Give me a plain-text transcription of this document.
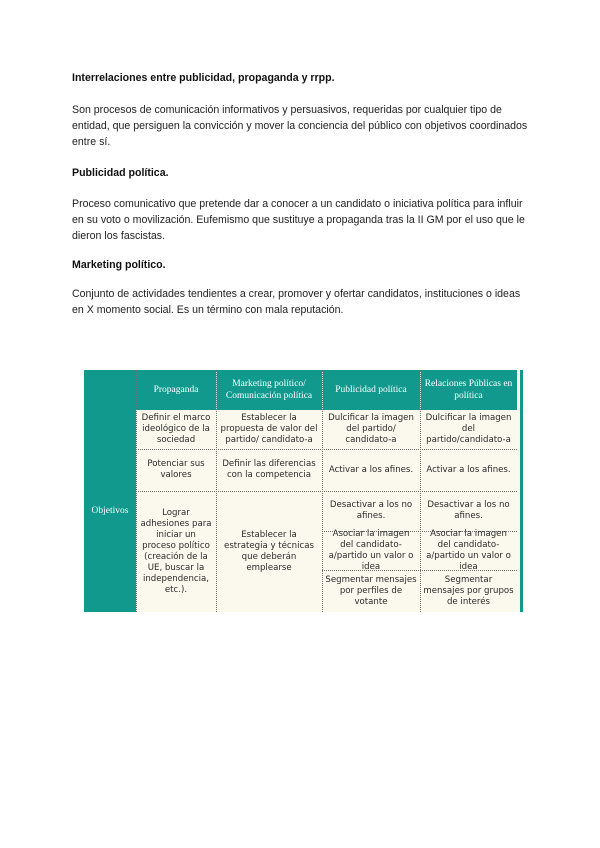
Interrelaciones entre publicidad, propaganda y rrpp.
Son procesos de comunicación informativos y persuasivos, requeridas por cualquier tipo de entidad, que persiguen la convicción y mover la conciencia del público con objetivos coordinados entre sí.
Publicidad política.
Proceso comunicativo que pretende dar a conocer a un candidato o iniciativa política para influir en su voto o movilización. Eufemismo que sustituye a propaganda tras la II GM por el uso que le dieron los fascistas.
Marketing político.
Conjunto de actividades tendientes a crear, promover y ofertar candidatos, instituciones o ideas en X momento social. Es un término con mala reputación.
Propaganda
Marketing político/ Comunicación política
Publicidad política
Relaciones Públicas en política
Objetivos
Definir el marco ideológico de la sociedad
Potenciar sus valores
Lograr adhesiones para iniciar un proceso político (creación de la UE, buscar la independencia, etc.).
Establecer la propuesta de valor del partido/ candidato-a
Definir las diferencias con la competencia
Establecer la estrategia y técnicas que deberán emplearse
Dulcificar la imagen del partido/ candidato-a
Activar a los afines.
Desactivar a los no afines.
Asociar la imagen del candidato-a/partido un valor o idea
Segmentar mensajes por perfiles de votante
Dulcificar la imagen del partido/candidato-a
Activar a los afines.
Desactivar a los no afines.
Asociar la imagen del candidato-a/partido un valor o idea
Segmentar mensajes por grupos de interés
